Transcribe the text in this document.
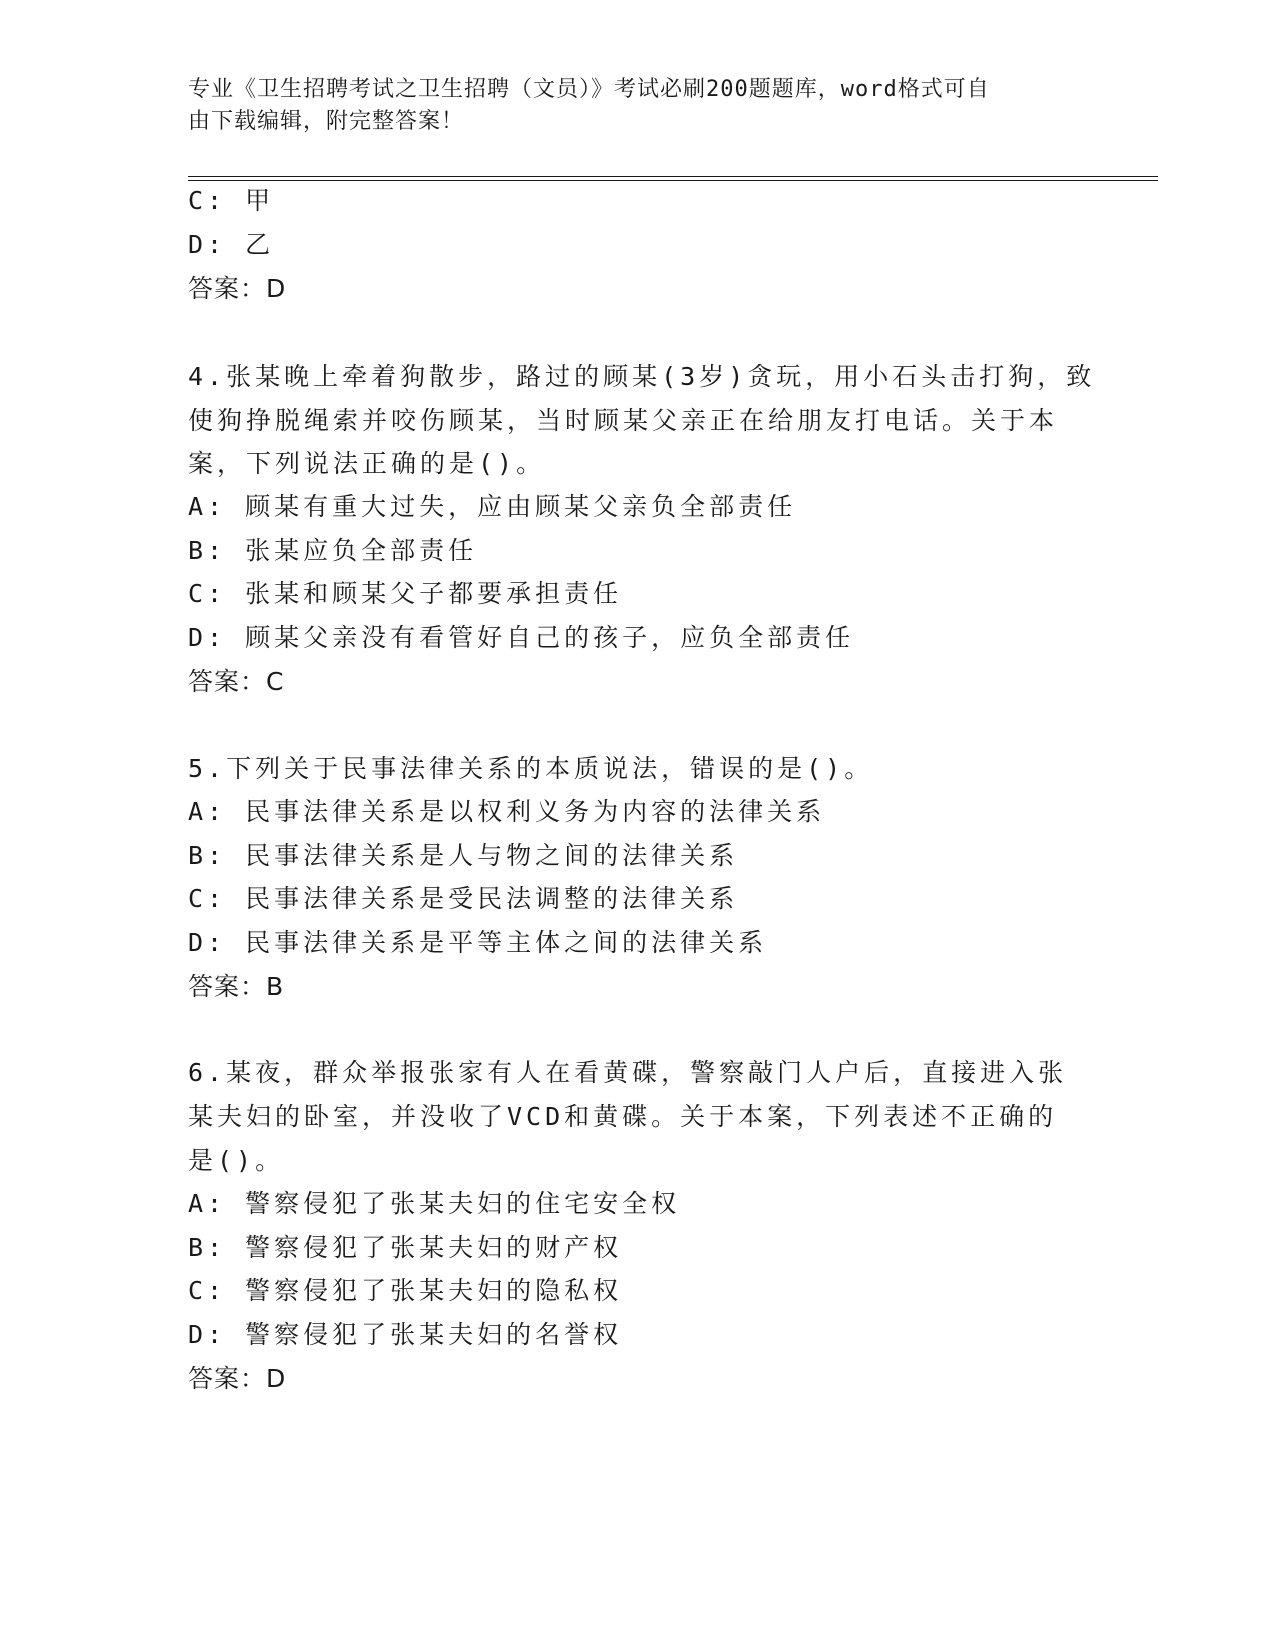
专业《卫生招聘考试之卫生招聘（文员）》考试必刷200题题库，word格式可自
由下载编辑，附完整答案！
C: 甲
D: 乙
答案：D
4.张某晚上牵着狗散步，路过的顾某(3岁)贪玩，用小石头击打狗，致
使狗挣脱绳索并咬伤顾某，当时顾某父亲正在给朋友打电话。关于本
案，下列说法正确的是()。
A: 顾某有重大过失，应由顾某父亲负全部责任
B: 张某应负全部责任
C: 张某和顾某父子都要承担责任
D: 顾某父亲没有看管好自己的孩子，应负全部责任
答案：C
5.下列关于民事法律关系的本质说法，错误的是()。
A: 民事法律关系是以权利义务为内容的法律关系
B: 民事法律关系是人与物之间的法律关系
C: 民事法律关系是受民法调整的法律关系
D: 民事法律关系是平等主体之间的法律关系
答案：B
6.某夜，群众举报张家有人在看黄碟，警察敲门人户后，直接进入张
某夫妇的卧室，并没收了VCD和黄碟。关于本案，下列表述不正确的
是()。
A: 警察侵犯了张某夫妇的住宅安全权
B: 警察侵犯了张某夫妇的财产权
C: 警察侵犯了张某夫妇的隐私权
D: 警察侵犯了张某夫妇的名誉权
答案：D
